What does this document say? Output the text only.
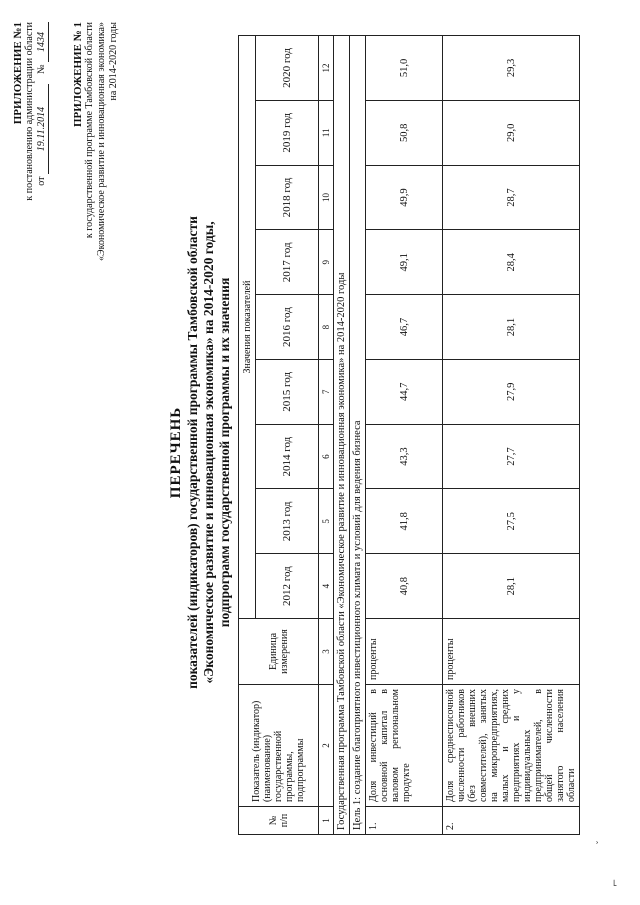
ПРИЛОЖЕНИЕ №1 к постановлению администрации области от 19.11.2014    № 1434 ПРИЛОЖЕНИЕ № 1 к государственной программе Тамбовской области «Экономическое развитие и инновационная экономика» на 2014-2020 годы
ПЕРЕЧЕНЬ показателей (индикаторов) государственной программы Тамбовской области «Экономическое развитие и инновационная экономика» на 2014-2020 годы, подпрограмм государственной программы и их значения
№ п/п	Показатель (индикатор) (наименование) государственной программы, подпрограммы	Единица измерения	Значения показателей								
			2012 год	2013 год	2014 год	2015 год	2016 год	2017 год	2018 год	2019 год	2020 год
1	2	3	4	5	6	7	8	9	10	11	12
Государственная программа Тамбовской области «Экономическое развитие и инновационная экономика» на 2014-2020 годы											
Цель 1: создание благоприятного инвестиционного климата и условий для ведения бизнеса											
1.	Доля инвестиций в основной капитал в валовом региональном продукте	проценты	40,8	41,8	43,3	44,7	46,7	49,1	49,9	50,8	51,0
2.	Доля среднесписочной численности работников (без внешних совместителей), занятых на микропредприятиях, малых и средних предприятиях и у индивидуальных предпринимателей, в общей численности занятого населения области	проценты	28,1	27,5	27,7	27,9	28,1	28,4	28,7	29,0	29,3
⌐
ˇ
